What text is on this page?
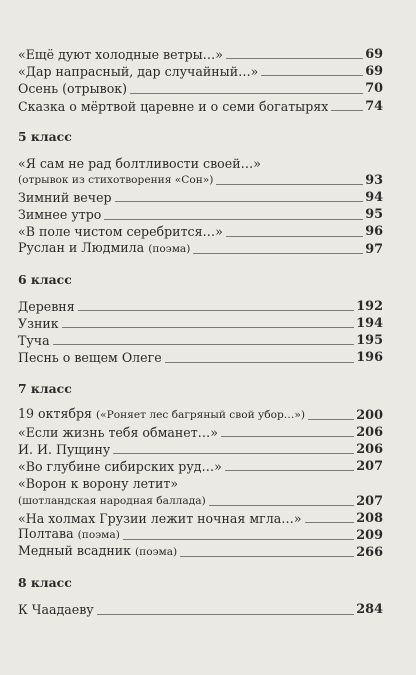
«Ещё дуют холодные ветры…»	69
«Дар напрасный, дар случайный…»	69
Осень (отрывок)	70
Сказка о мёртвой царевне и о семи богатырях	74
5 класс
«Я сам не рад болтливости своей…»
(отрывок из стихотворения «Сон»)	93
Зимний вечер	94
Зимнее утро	95
«В поле чистом серебрится…»	96
Руслан и Людмила (поэма)	97
6 класс
Деревня	192
Узник	194
Туча	195
Песнь о вещем Олеге	196
7 класс
19 октября («Роняет лес багряный свой убор…»)	200
«Если жизнь тебя обманет…»	206
И. И. Пущину	206
«Во глубине сибирских руд…»	207
«Ворон к ворону летит»
(шотландская народная баллада)	207
«На холмах Грузии лежит ночная мгла…»	208
Полтава (поэма)	209
Медный всадник (поэма)	266
8 класс
К Чаадаеву	284
